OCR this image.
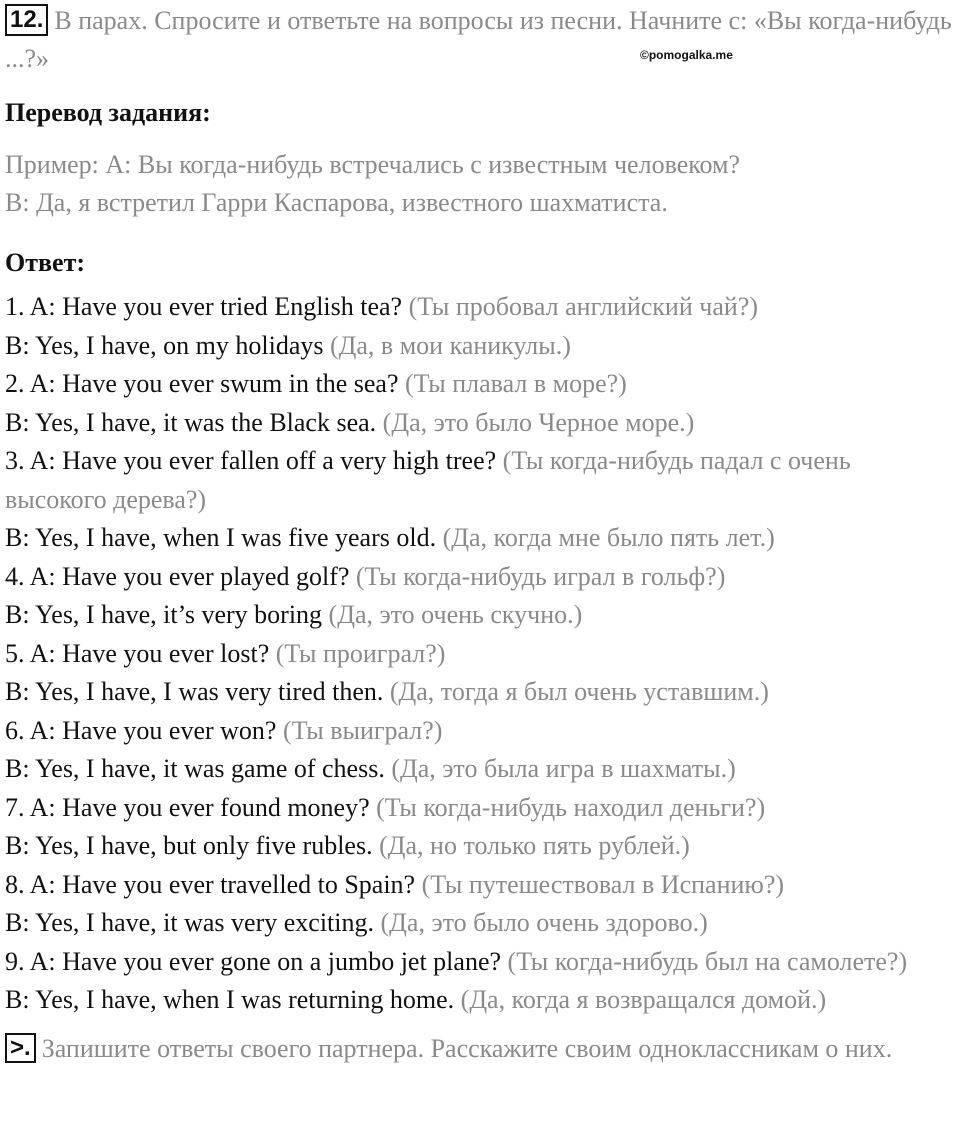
12. В парах. Спросите и ответьте на вопросы из песни. Начните с: «Вы когда-нибудь ...?»	©pomogalka.me
Перевод задания:
Пример: A: Вы когда-нибудь встречались с известным человеком?
B: Да, я встретил Гарри Каспарова, известного шахматиста.
Ответ:
1. A: Have you ever tried English tea? (Ты пробовал английский чай?)
B: Yes, I have, on my holidays (Да, в мои каникулы.)
2. A: Have you ever swum in the sea? (Ты плавал в море?)
B: Yes, I have, it was the Black sea. (Да, это было Черное море.)
3. A: Have you ever fallen off a very high tree? (Ты когда-нибудь падал с очень высокого дерева?)
B: Yes, I have, when I was five years old. (Да, когда мне было пять лет.)
4. A: Have you ever played golf? (Ты когда-нибудь играл в гольф?)
B: Yes, I have, it’s very boring (Да, это очень скучно.)
5. A: Have you ever lost? (Ты проиграл?)
B: Yes, I have, I was very tired then. (Да, тогда я был очень уставшим.)
6. A: Have you ever won? (Ты выиграл?)
B: Yes, I have, it was game of chess. (Да, это была игра в шахматы.)
7. A: Have you ever found money? (Ты когда-нибудь находил деньги?)
B: Yes, I have, but only five rubles. (Да, но только пять рублей.)
8. A: Have you ever travelled to Spain? (Ты путешествовал в Испанию?)
B: Yes, I have, it was very exciting. (Да, это было очень здорово.)
9. A: Have you ever gone on a jumbo jet plane? (Ты когда-нибудь был на самолете?)
B: Yes, I have, when I was returning home. (Да, когда я возвращался домой.)
>. Запишите ответы своего партнера. Расскажите своим одноклассникам о них.
